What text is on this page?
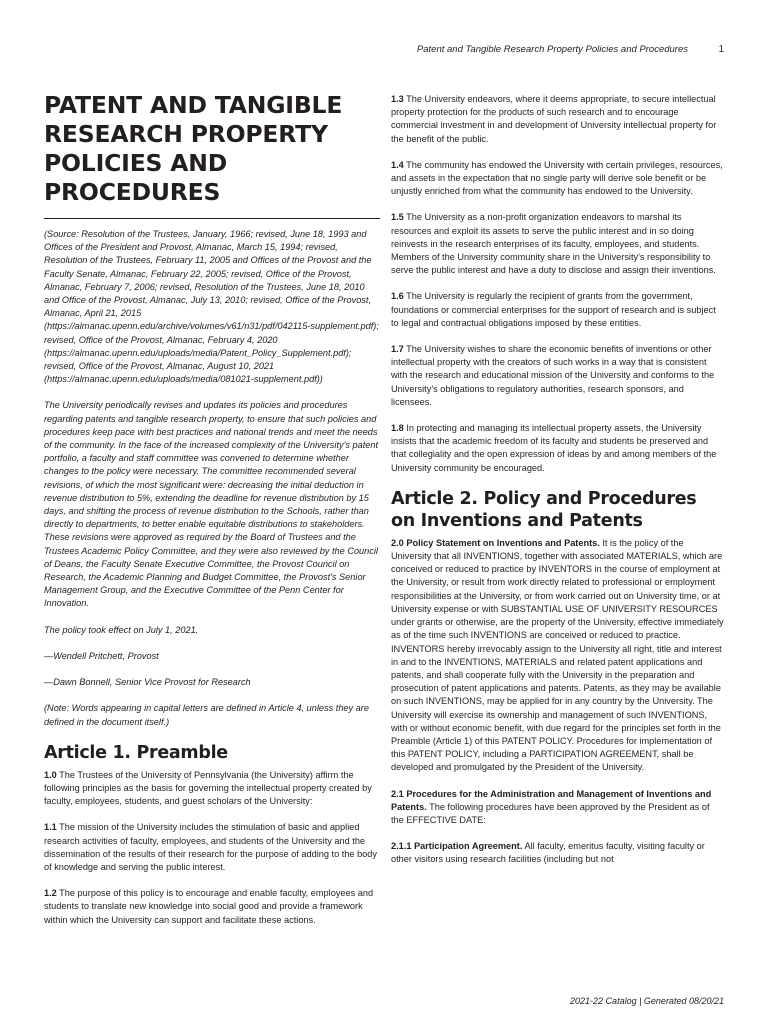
Patent and Tangible Research Property Policies and Procedures	1
PATENT AND TANGIBLE RESEARCH PROPERTY POLICIES AND PROCEDURES
(Source: Resolution of the Trustees, January, 1966; revised, June 18, 1993 and Offices of the President and Provost, Almanac, March 15, 1994; revised, Resolution of the Trustees, February 11, 2005 and Offices of the Provost and the Faculty Senate, Almanac, February 22, 2005; revised, Office of the Provost, Almanac, February 7, 2006; revised, Resolution of the Trustees, June 18, 2010 and Office of the Provost, Almanac, July 13, 2010; revised, Office of the Provost, Almanac, April 21, 2015 (https://almanac.upenn.edu/archive/volumes/v61/n31/pdf/042115-supplement.pdf); revised, Office of the Provost, Almanac, February 4, 2020 (https://almanac.upenn.edu/uploads/media/Patent_Policy_Supplement.pdf); revised, Office of the Provost, Almanac, August 10, 2021 (https://almanac.upenn.edu/uploads/media/081021-supplement.pdf))
The University periodically revises and updates its policies and procedures regarding patents and tangible research property, to ensure that such policies and procedures keep pace with best practices and national trends and meet the needs of the community. In the face of the increased complexity of the University's patent portfolio, a faculty and staff committee was convened to determine whether changes to the policy were necessary. The committee recommended several revisions, of which the most significant were: decreasing the initial deduction in revenue distribution to 5%, extending the deadline for revenue distribution by 15 days, and shifting the process of revenue distribution to the Schools, rather than directly to departments, to better enable equitable distributions to stakeholders. These revisions were approved as required by the Board of Trustees and the Trustees Academic Policy Committee, and they were also reviewed by the Council of Deans, the Faculty Senate Executive Committee, the Provost Council on Research, the Academic Planning and Budget Committee, the Provost's Senior Management Group, and the Executive Committee of the Penn Center for Innovation.
The policy took effect on July 1, 2021.
—Wendell Pritchett, Provost
—Dawn Bonnell, Senior Vice Provost for Research
(Note: Words appearing in capital letters are defined in Article 4, unless they are defined in the document itself.)
Article 1. Preamble
1.0 The Trustees of the University of Pennsylvania (the University) affirm the following principles as the basis for governing the intellectual property created by faculty, employees, students, and guest scholars of the University:
1.1 The mission of the University includes the stimulation of basic and applied research activities of faculty, employees, and students of the University and the dissemination of the results of their research for the purpose of adding to the body of knowledge and serving the public interest.
1.2 The purpose of this policy is to encourage and enable faculty, employees and students to translate new knowledge into social good and provide a framework within which the University can support and facilitate these actions.
1.3 The University endeavors, where it deems appropriate, to secure intellectual property protection for the products of such research and to encourage commercial investment in and development of University intellectual property for the benefit of the public.
1.4 The community has endowed the University with certain privileges, resources, and assets in the expectation that no single party will derive sole benefit or be unjustly enriched from what the community has endowed to the University.
1.5 The University as a non-profit organization endeavors to marshal its resources and exploit its assets to serve the public interest and in so doing reinvests in the research enterprises of its faculty, employees, and students. Members of the University community share in the University's responsibility to serve the public interest and have a duty to disclose and assign their inventions.
1.6 The University is regularly the recipient of grants from the government, foundations or commercial enterprises for the support of research and is subject to legal and contractual obligations imposed by these entities.
1.7 The University wishes to share the economic benefits of inventions or other intellectual property with the creators of such works in a way that is consistent with the research and educational mission of the University and conforms to the University's obligations to regulatory authorities, research sponsors, and licensees.
1.8 In protecting and managing its intellectual property assets, the University insists that the academic freedom of its faculty and students be preserved and that collegiality and the open expression of ideas by and among members of the University community be encouraged.
Article 2. Policy and Procedures on Inventions and Patents
2.0 Policy Statement on Inventions and Patents. It is the policy of the University that all INVENTIONS, together with associated MATERIALS, which are conceived or reduced to practice by INVENTORS in the course of employment at the University, or result from work directly related to professional or employment responsibilities at the University, or from work carried out on University time, or at University expense or with SUBSTANTIAL USE OF UNIVERSITY RESOURCES under grants or otherwise, are the property of the University, effective immediately as of the time such INVENTIONS are conceived or reduced to practice. INVENTORS hereby irrevocably assign to the University all right, title and interest in and to the INVENTIONS, MATERIALS and related patent applications and patents, and shall cooperate fully with the University in the preparation and prosecution of patent applications and patents. Patents, as they may be available on such INVENTIONS, may be applied for in any country by the University. The University will exercise its ownership and management of such INVENTIONS, with or without economic benefit, with due regard for the principles set forth in the Preamble (Article 1) of this PATENT POLICY. Procedures for implementation of this PATENT POLICY, including a PARTICIPATION AGREEMENT, shall be developed and promulgated by the President of the University.
2.1 Procedures for the Administration and Management of Inventions and Patents. The following procedures have been approved by the President as of the EFFECTIVE DATE:
2.1.1 Participation Agreement. All faculty, emeritus faculty, visiting faculty or other visitors using research facilities (including but not
2021-22 Catalog | Generated 08/20/21
